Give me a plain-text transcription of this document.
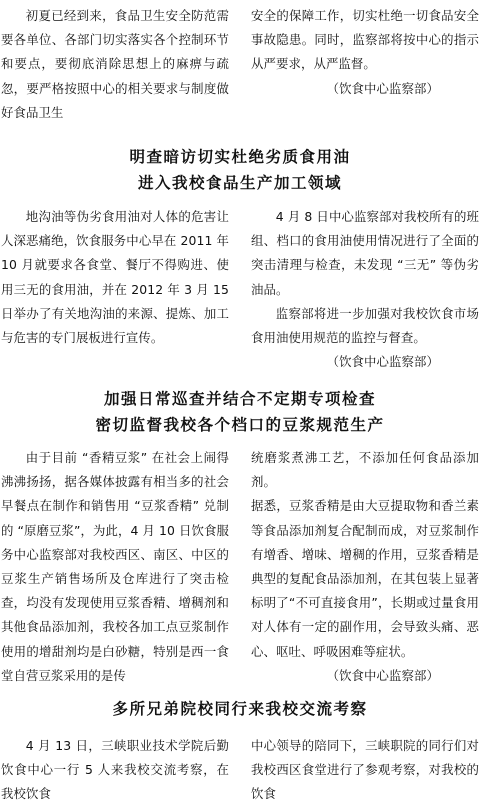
初夏已经到来，食品卫生安全防范需要各单位、各部门切实落实各个控制环节和要点，要彻底消除思想上的麻痹与疏忽，要严格按照中心的相关要求与制度做好食品卫生

安全的保障工作，切实杜绝一切食品安全事故隐患。同时，监察部将按中心的指示从严要求，从严监督。

（饮食中心监察部）

明查暗访切实杜绝劣质食用油
进入我校食品生产加工领域

地沟油等伪劣食用油对人体的危害让人深恶痛绝，饮食服务中心早在 2011 年 10 月就要求各食堂、餐厅不得购进、使用三无的食用油，并在 2012 年 3 月 15 日举办了有关地沟油的来源、提炼、加工与危害的专门展板进行宣传。

4 月 8 日中心监察部对我校所有的班组、档口的食用油使用情况进行了全面的突击清理与检查，未发现 “三无” 等伪劣油品。

监察部将进一步加强对我校饮食市场食用油使用规范的监控与督查。

（饮食中心监察部）

加强日常巡查并结合不定期专项检查
密切监督我校各个档口的豆浆规范生产

由于目前 “香精豆浆” 在社会上闹得沸沸扬扬，据各媒体披露有相当多的社会早餐点在制作和销售用 “豆浆香精” 兑制的 “原磨豆浆”，为此，4 月 10 日饮食服务中心监察部对我校西区、南区、中区的豆浆生产销售场所及仓库进行了突击检查，均没有发现使用豆浆香精、增稠剂和其他食品添加剂，我校各加工点豆浆制作使用的增甜剂均是白砂糖，特别是西一食堂自营豆浆采用的是传

统磨浆煮沸工艺，不添加任何食品添加剂。

据悉，豆浆香精是由大豆提取物和香兰素等食品添加剂复合配制而成，对豆浆制作有增香、增味、增稠的作用，豆浆香精是典型的复配食品添加剂，在其包装上显著标明了“不可直接食用”，长期或过量食用对人体有一定的副作用，会导致头痛、恶心、呕吐、呼吸困难等症状。

（饮食中心监察部）

多所兄弟院校同行来我校交流考察

4 月 13 日，三峡职业技术学院后勤饮食中心一行 5 人来我校交流考察，在我校饮食

中心领导的陪同下，三峡职院的同行们对我校西区食堂进行了参观考察，对我校的饮食
